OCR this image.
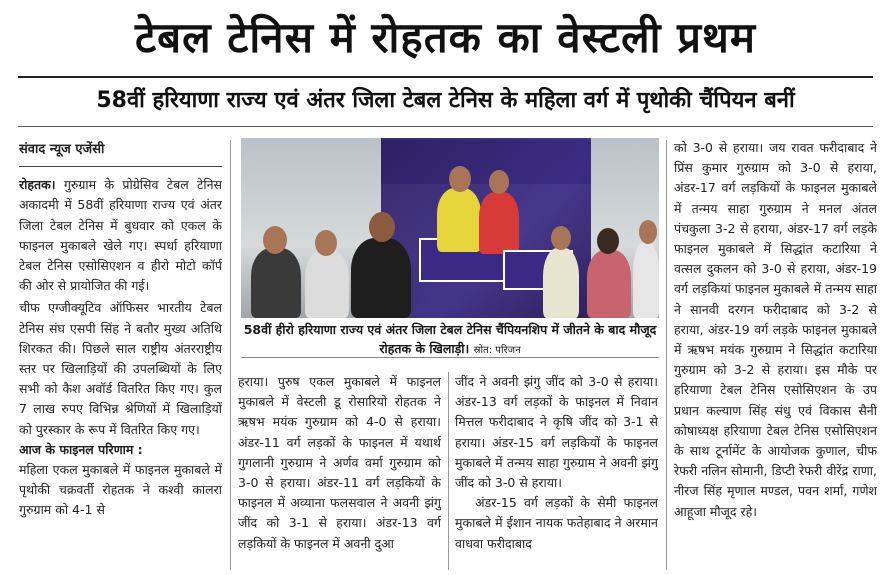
टेबल टेनिस में रोहतक का वेस्टली प्रथम
58वीं हरियाणा राज्य एवं अंतर जिला टेबल टेनिस के महिला वर्ग में पृथोकी चैंपियन बनीं
संवाद न्यूज एजेंसी

रोहतक। गुरुग्राम के प्रोग्रेसिव टेबल टेनिस अकादमी में 58वीं हरियाणा राज्य एवं अंतर जिला टेबल टेनिस में बुधवार को एकल के फाइनल मुकाबले खेले गए। स्पर्धा हरियाणा टेबल टेनिस एसोसिएशन व हीरो मोटो कॉर्प की ओर से प्रायोजित की गई।

चीफ एग्जीक्यूटिव ऑफिसर भारतीय टेबल टेनिस संघ एसपी सिंह ने बतौर मुख्य अतिथि शिरकत की। पिछले साल राष्ट्रीय अंतरराष्ट्रीय स्तर पर खिलाड़ियों की उपलब्धियों के लिए सभी को कैश अवॉर्ड वितरित किए गए। कुल 7 लाख रुपए विभिन्न श्रेणियों में खिलाड़ियों को पुरस्कार के रूप में वितरित किए गए।

आज के फाइनल परिणाम :

महिला एकल मुकाबले में फाइनल मुकाबले में पृथोकी चक्रवर्ती रोहतक ने कश्वी कालरा गुरुग्राम को 4-1 से

58वीं हीरो हरियाणा राज्य एवं अंतर जिला टेबल टेनिस चैंपियनशिप में जीतने के बाद मौजूद रोहतक के खिलाड़ी। स्रोत: परिजन

हराया। पुरुष एकल मुकाबले में फाइनल मुकाबले में वेस्टली डू रोसारियो रोहतक ने ऋषभ मयंक गुरुग्राम को 4-0 से हराया। अंडर-11 वर्ग लड़कों के फाइनल में यथार्थ गुगलानी गुरुग्राम ने अर्णव वर्मा गुरुग्राम को 3-0 से हराया। अंडर-11 वर्ग लड़कियों के फाइनल में अव्याना फलसवाल ने अवनी झंगु जींद को 3-1 से हराया। अंडर-13 वर्ग लड़कियों के फाइनल में अवनी दुआ

जींद ने अवनी झंगु जींद को 3-0 से हराया। अंडर-13 वर्ग लड़कों के फाइनल में निवान मित्तल फरीदाबाद ने कृषि जींद को 3-1 से हराया। अंडर-15 वर्ग लड़कियों के फाइनल मुकाबले में तन्मय साहा गुरुग्राम ने अवनी झंगु जींद को 3-0 से हराया।

अंडर-15 वर्ग लड़कों के सेमी फाइनल मुकाबले में ईशान नायक फतेहाबाद ने अरमान वाधवा फरीदाबाद

को 3-0 से हराया। जय रावत फरीदाबाद ने प्रिंस कुमार गुरुग्राम को 3-0 से हराया, अंडर-17 वर्ग लड़कियों के फाइनल मुकाबले में तन्मय साहा गुरुग्राम ने मनल अंतल पंचकुला 3-2 से हराया, अंडर-17 वर्ग लड़के फाइनल मुकाबले में सिद्धांत कटारिया ने वत्सल दुकलन को 3-0 से हराया, अंडर-19 वर्ग लड़कियां फाइनल मुकाबले में तन्मय साहा ने सानवी दरगन फरीदाबाद को 3-2 से हराया, अंडर-19 वर्ग लड़के फाइनल मुकाबले में ऋषभ मयंक गुरुग्राम ने सिद्धांत कटारिया गुरुग्राम को 3-2 से हराया। इस मौके पर हरियाणा टेबल टेनिस एसोसिएशन के उप प्रधान कल्याण सिंह संधु एवं विकास सैनी कोषाध्यक्ष हरियाणा टेबल टेनिस एसोसिएशन के साथ टूर्नामेंट के आयोजक कुणाल, चीफ रेफरी नलिन सोमानी, डिप्टी रेफरी वीरेंद्र राणा, नीरज सिंह मृणाल मण्डल, पवन शर्मा, गणेश आहूजा मौजूद रहे।
